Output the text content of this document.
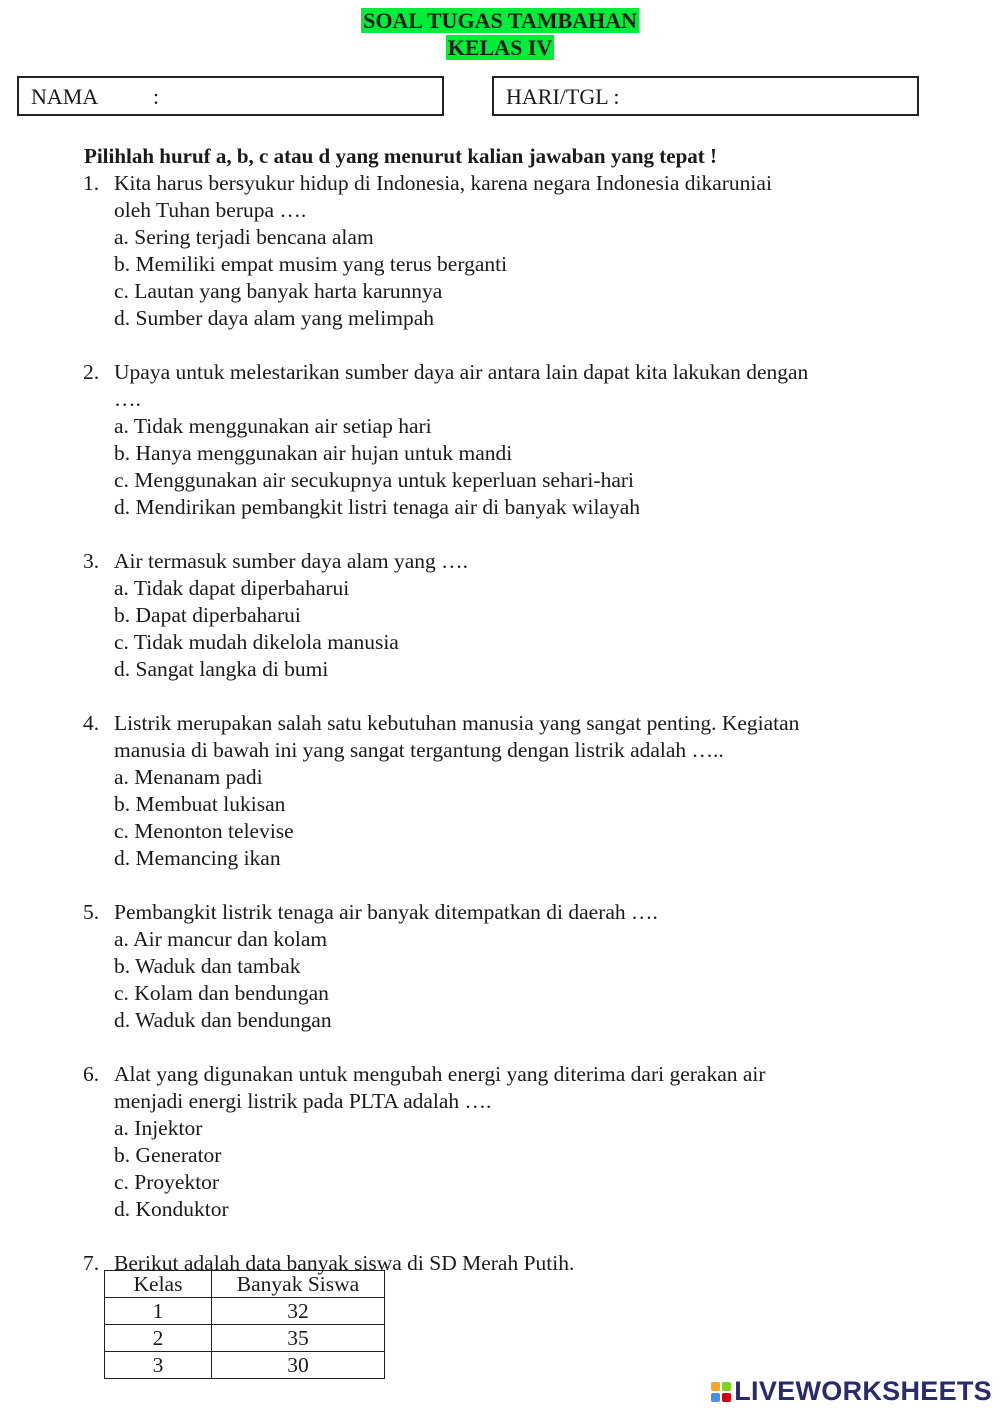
SOAL TUGAS TAMBAHAN
KELAS IV
NAMA :	HARI/TGL :
Pilihlah huruf a, b, c atau d yang menurut kalian jawaban yang tepat !
1. Kita harus bersyukur hidup di Indonesia, karena negara Indonesia dikaruniai
oleh Tuhan berupa ….
a. Sering terjadi bencana alam
b. Memiliki empat musim yang terus berganti
c. Lautan yang banyak harta karunnya
d. Sumber daya alam yang melimpah
2. Upaya untuk melestarikan sumber daya air antara lain dapat kita lakukan dengan
….
a. Tidak menggunakan air setiap hari
b. Hanya menggunakan air hujan untuk mandi
c. Menggunakan air secukupnya untuk keperluan sehari-hari
d. Mendirikan pembangkit listri tenaga air di banyak wilayah
3. Air termasuk sumber daya alam yang ….
a. Tidak dapat diperbaharui
b. Dapat diperbaharui
c. Tidak mudah dikelola manusia
d. Sangat langka di bumi
4. Listrik merupakan salah satu kebutuhan manusia yang sangat penting. Kegiatan
manusia di bawah ini yang sangat tergantung dengan listrik adalah …..
a. Menanam padi
b. Membuat lukisan
c. Menonton televise
d. Memancing ikan
5. Pembangkit listrik tenaga air banyak ditempatkan di daerah ….
a. Air mancur dan kolam
b. Waduk dan tambak
c. Kolam dan bendungan
d. Waduk dan bendungan
6. Alat yang digunakan untuk mengubah energi yang diterima dari gerakan air
menjadi energi listrik pada PLTA adalah ….
a. Injektor
b. Generator
c. Proyektor
d. Konduktor
7. Berikut adalah data banyak siswa di SD Merah Putih.
Kelas	Banyak Siswa
1	32
2	35
3	30
LIVEWORKSHEETS
